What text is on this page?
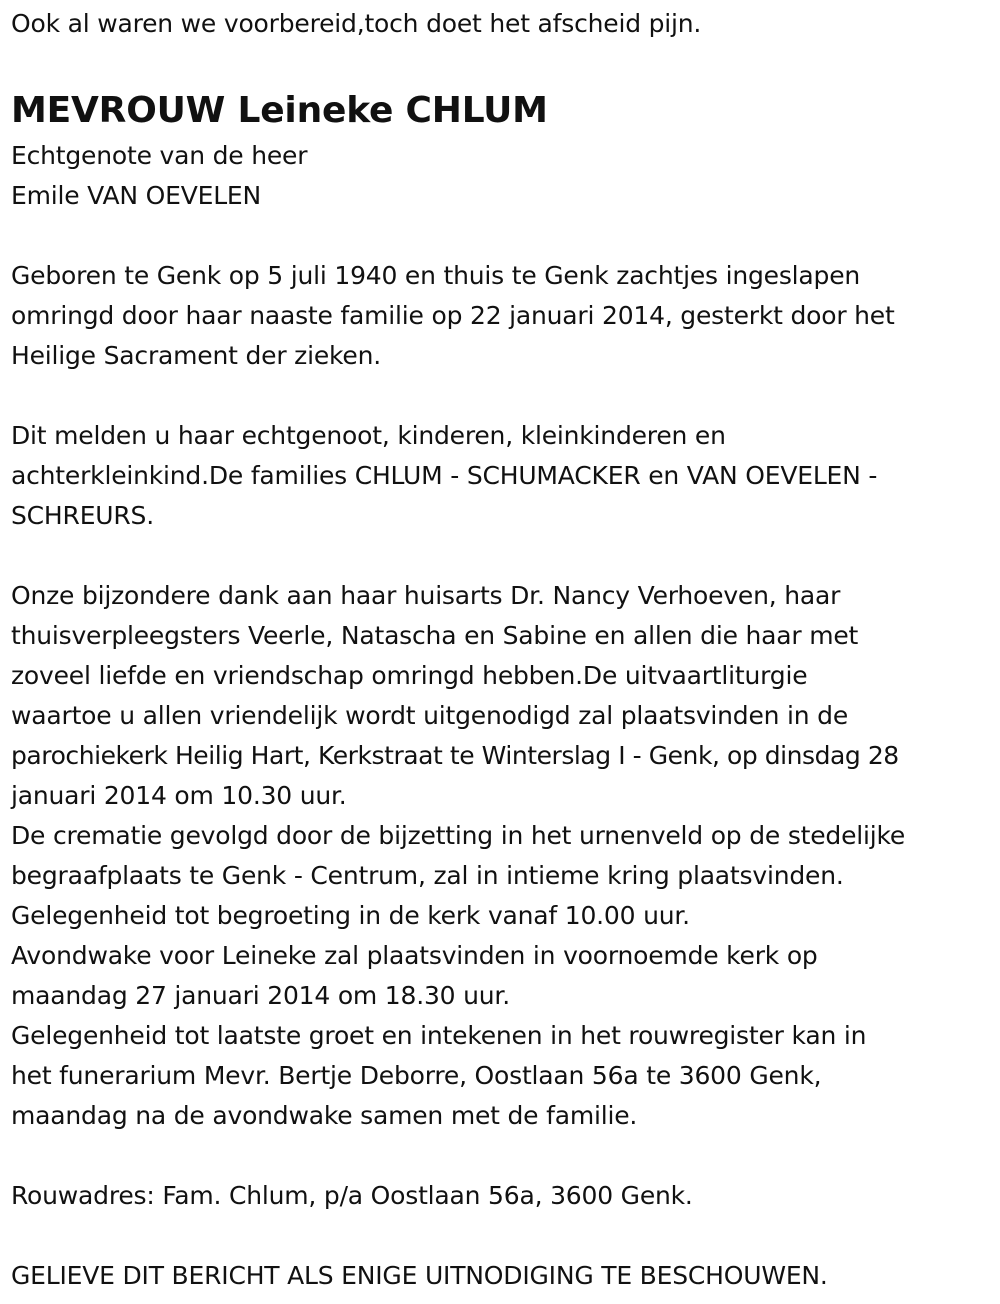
Ook al waren we voorbereid,toch doet het afscheid pijn.
MEVROUW Leineke CHLUM
Echtgenote van de heer
Emile VAN OEVELEN
Geboren te Genk op 5 juli 1940 en thuis te Genk zachtjes ingeslapen
omringd door haar naaste familie op 22 januari 2014, gesterkt door het
Heilige Sacrament der zieken.
Dit melden u haar echtgenoot, kinderen, kleinkinderen en
achterkleinkind.De families CHLUM - SCHUMACKER en VAN OEVELEN -
SCHREURS.
Onze bijzondere dank aan haar huisarts Dr. Nancy Verhoeven, haar
thuisverpleegsters Veerle, Natascha en Sabine en allen die haar met
zoveel liefde en vriendschap omringd hebben.De uitvaartliturgie
waartoe u allen vriendelijk wordt uitgenodigd zal plaatsvinden in de
parochiekerk Heilig Hart, Kerkstraat te Winterslag I - Genk, op dinsdag 28
januari 2014 om 10.30 uur.
De crematie gevolgd door de bijzetting in het urnenveld op de stedelijke
begraafplaats te Genk - Centrum, zal in intieme kring plaatsvinden.
Gelegenheid tot begroeting in de kerk vanaf 10.00 uur.
Avondwake voor Leineke zal plaatsvinden in voornoemde kerk op
maandag 27 januari 2014 om 18.30 uur.
Gelegenheid tot laatste groet en intekenen in het rouwregister kan in
het funerarium Mevr. Bertje Deborre, Oostlaan 56a te 3600 Genk,
maandag na de avondwake samen met de familie.
Rouwadres: Fam. Chlum, p/a Oostlaan 56a, 3600 Genk.
GELIEVE DIT BERICHT ALS ENIGE UITNODIGING TE BESCHOUWEN.
